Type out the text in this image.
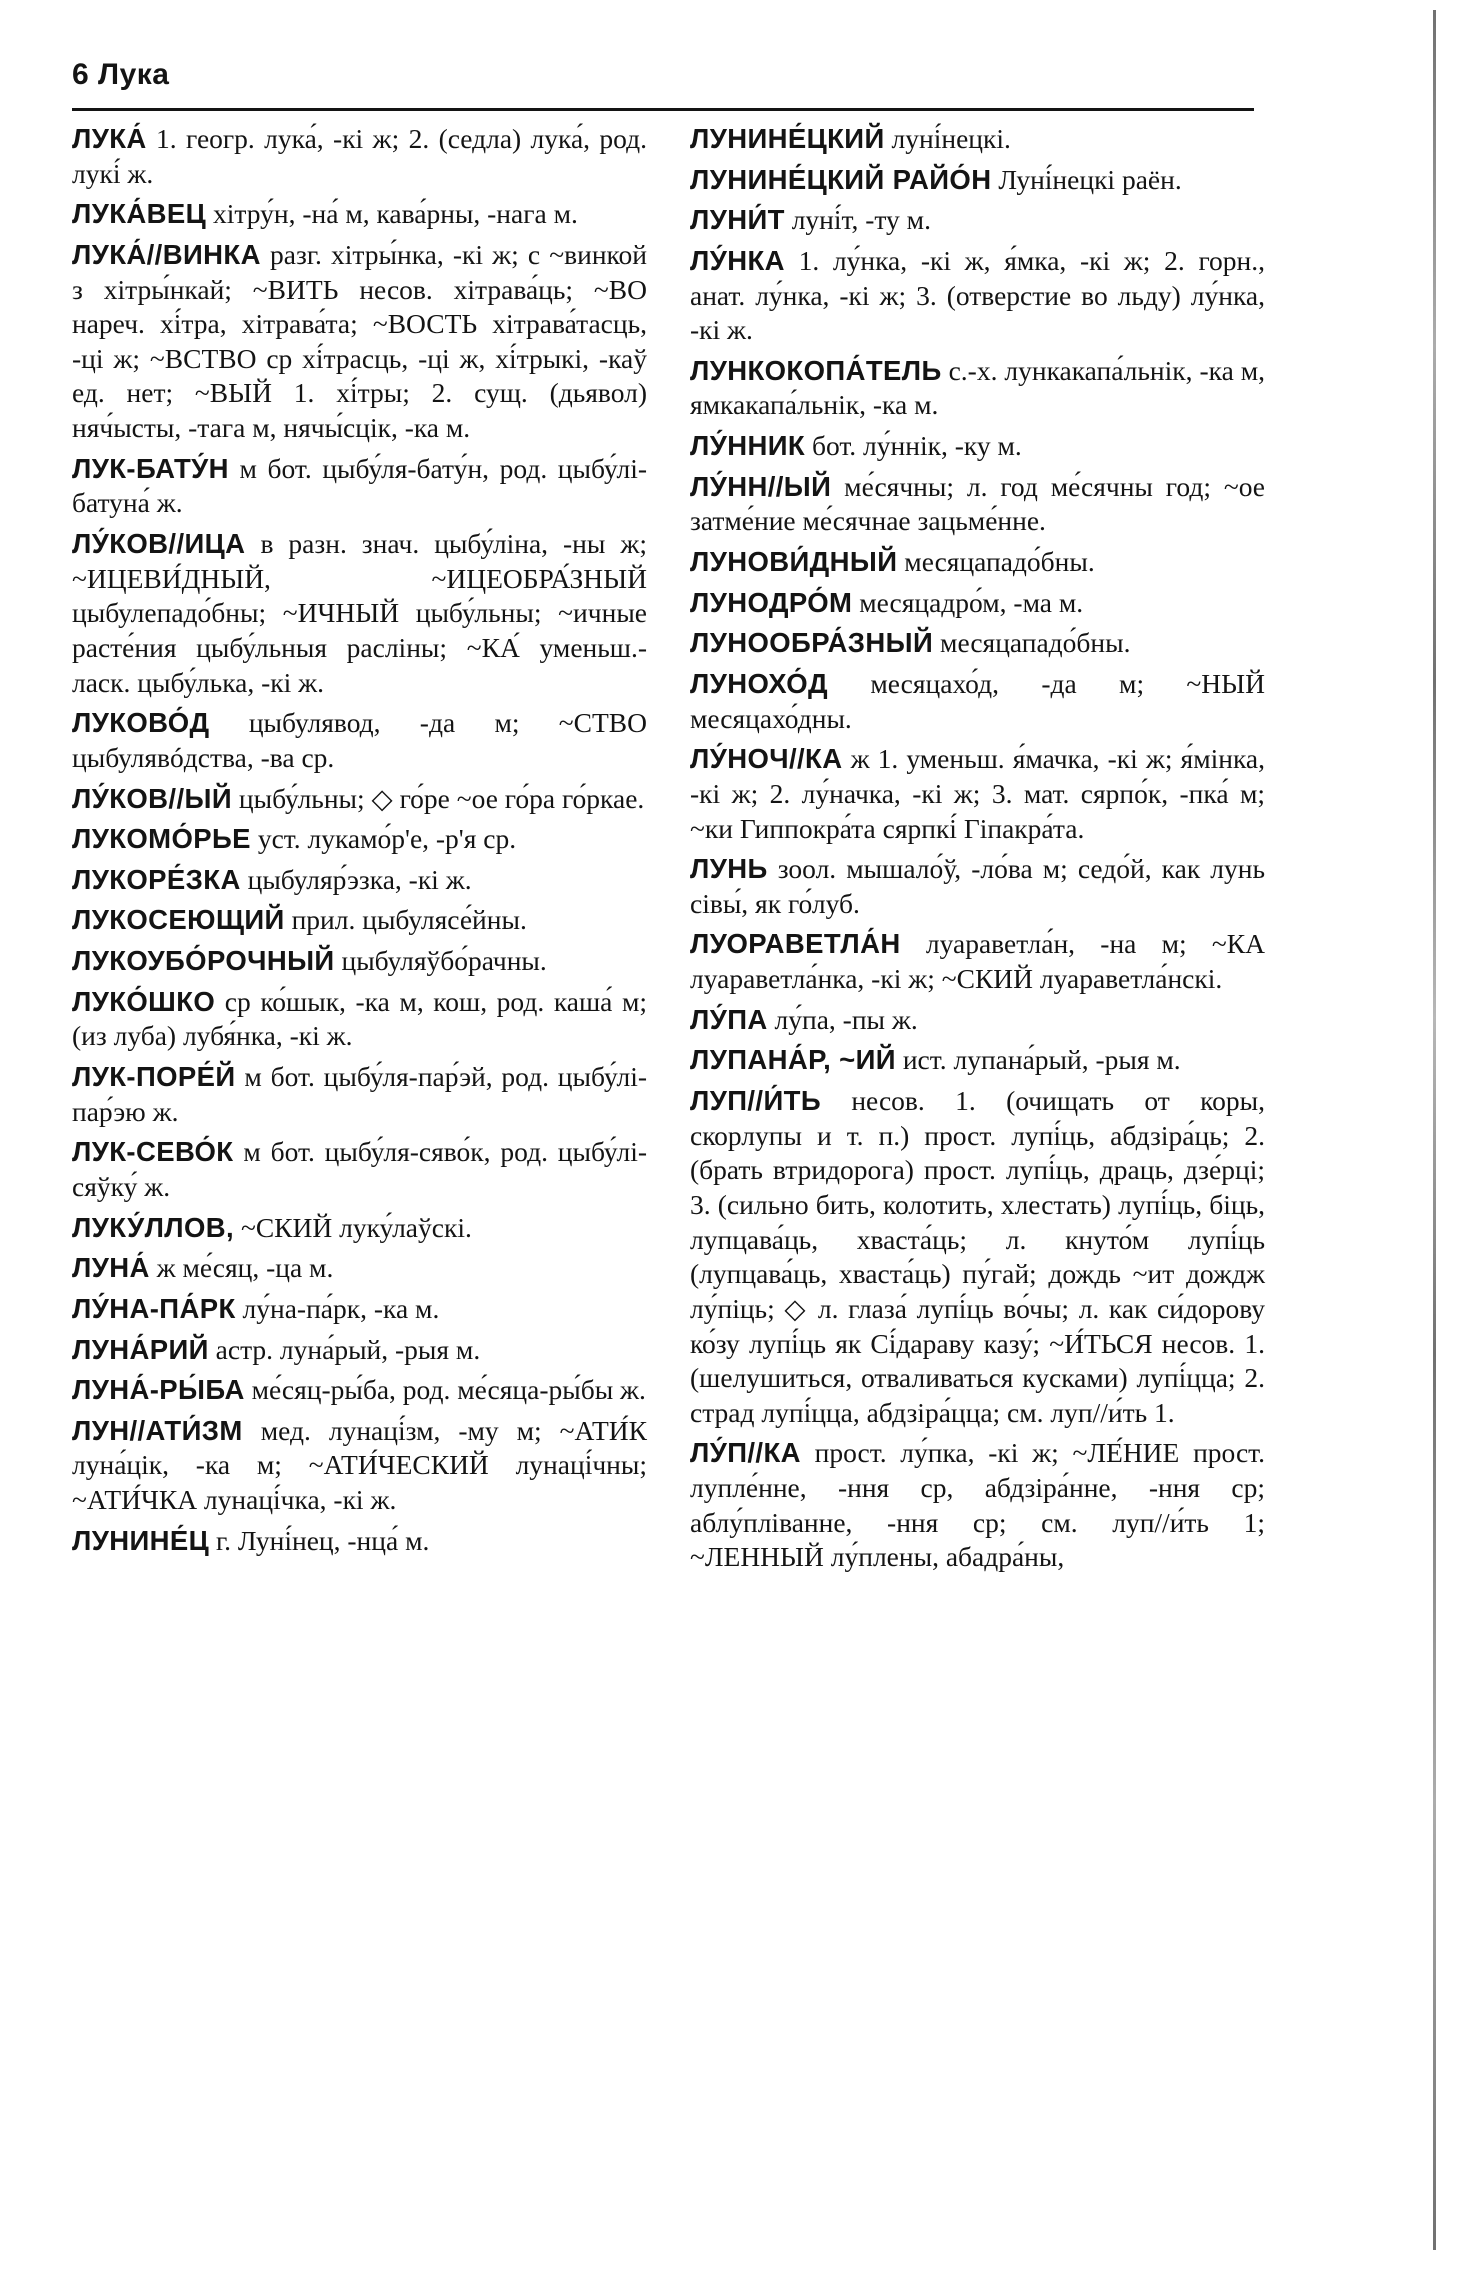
6 Лука
ЛУКА́ 1. геогр. лука́, -кі ж; 2. (седла) лука́, род. лукі́ ж.
ЛУКА́ВЕЦ хітру́н, -на́ м, кава́рны, -нага м.
ЛУКА́//ВИНКА разг. хітры́нка, -кі ж; с ~винкой з хітры́нкай; ~ВИТЬ несов. хітрава́ць; ~ВО нареч. хі́тра, хітрава́та; ~ВОСТЬ хітрава́тасць, -ці ж; ~ВСТВО ср хі́трасць, -ці ж, хі́трыкі, -каў ед. нет; ~ВЫЙ 1. хі́тры; 2. сущ. (дьявол) няч́ысты, -тага м, нячы́сцік, -ка м.
ЛУК-БАТУ́Н м бот. цыбу́ля-бату́н, род. цыбу́лі-батуна́ ж.
ЛУ́КОВ//ИЦА в разн. знач. цыбу́ліна, -ны ж; ~ИЦЕВИ́ДНЫЙ, ~ИЦЕОБРА́ЗНЫЙ цыбулепадо́бны; ~ИЧНЫЙ цыбу́льны; ~ичные расте́ния цыбу́льныя расліны; ~КА́ уменьш.-ласк. цыбу́лька, -кі ж.
ЛУКОВО́Д цыбулявод, -да м; ~СТВО цыбулявóдства, -ва ср.
ЛУ́КОВ//ЫЙ цыбу́льны; ◇ го́ре ~ое го́ра го́ркае.
ЛУКОМО́РЬЕ уст. лукамо́р'е, -р'я ср.
ЛУКОРЕ́ЗКА цыбуляр́эзка, -кі ж.
ЛУКОСЕЮЩИЙ прил. цыбулясе́йны.
ЛУКОУБО́РОЧНЫЙ цыбуляўбо́рачны.
ЛУКО́ШКО ср ко́шык, -ка м, кош, род. каша́ м; (из луба) лубя́нка, -кі ж.
ЛУК-ПОРЕ́Й м бот. цыбу́ля-пар́эй, род. цыбу́лі-пар́эю ж.
ЛУК-СЕВО́К м бот. цыбу́ля-сяво́к, род. цыбу́лі-сяўку́ ж.
ЛУКУ́ЛЛОВ, ~СКИЙ луку́лаўскі.
ЛУНА́ ж ме́сяц, -ца м.
ЛУ́НА-ПА́РК лу́на-па́рк, -ка м.
ЛУНА́РИЙ астр. луна́рый, -рыя м.
ЛУНА́-РЫ́БА ме́сяц-ры́ба, род. ме́сяца-ры́бы ж.
ЛУН//АТИ́ЗМ мед. лунаці́зм, -му м; ~АТИ́К луна́цік, -ка м; ~АТИ́ЧЕСКИЙ лунаці́чны; ~АТИ́ЧКА лунаці́чка, -кі ж.
ЛУНИНЕ́Ц г. Луні́нец, -нца́ м.
ЛУНИНЕ́ЦКИЙ луні́нецкі.
ЛУНИНЕ́ЦКИЙ РАЙО́Н Луні́нецкі раён.
ЛУНИ́Т луні́т, -ту м.
ЛУ́НКА 1. лу́нка, -кі ж, я́мка, -кі ж; 2. горн., анат. лу́нка, -кі ж; 3. (отверстие во льду) лу́нка, -кі ж.
ЛУНКОКОПА́ТЕЛЬ с.-х. лункакапа́льнік, -ка м, ямкакапа́льнік, -ка м.
ЛУ́ННИК бот. лу́ннік, -ку м.
ЛУ́НН//ЫЙ ме́сячны; л. год ме́сячны год; ~ое затме́ние ме́сячнае зацьме́нне.
ЛУНОВИ́ДНЫЙ месяцападо́бны.
ЛУНОДРО́М месяцадро́м, -ма м.
ЛУНООБРА́ЗНЫЙ месяцападо́бны.
ЛУНОХО́Д месяцахо́д, -да м; ~НЫЙ месяцахо́дны.
ЛУ́НОЧ//КА ж 1. уменьш. я́мачка, -кі ж; я́мінка, -кі ж; 2. лу́начка, -кі ж; 3. мат. сярпо́к, -пка́ м; ~ки Гиппокра́та сярпкі́ Гіпакра́та.
ЛУНЬ зоол. мышало́ў, -ло́ва м; седо́й, как лунь сівы́, як го́луб.
ЛУОРАВЕТЛА́Н луараветла́н, -на м; ~КА луараветла́нка, -кі ж; ~СКИЙ луараветла́нскі.
ЛУ́ПА лу́па, -пы ж.
ЛУПАНА́Р, ~ИЙ ист. лупана́рый, -рыя м.
ЛУП//И́ТЬ несов. 1. (очищать от коры, скорлупы и т. п.) прост. лупі́ць, абдзіра́ць; 2. (брать втридорога) прост. лупі́ць, драць, дзе́рці; 3. (сильно бить, колотить, хлестать) лупі́ць, біць, лупцава́ць, хваста́ць; л. кнуто́м лупі́ць (лупцава́ць, хваста́ць) пу́гай; дождь ~ит дождж лу́піць; ◇ л. глаза́ лупі́ць во́чы; л. как си́дорову ко́зу лупі́ць як Сі́дараву казу́; ~И́ТЬСЯ несов. 1. (шелушиться, отваливаться кусками) лупі́цца; 2. страд лупі́цца, абдзіра́цца; см. луп//и́ть 1.
ЛУ́П//КА прост. лу́пка, -кі ж; ~ЛЕ́НИЕ прост. лупле́нне, -ння ср, абдзіра́нне, -ння ср; аблу́пліванне, -ння ср; см. луп//и́ть 1; ~ЛЕННЫЙ лу́плены, абадра́ны,
